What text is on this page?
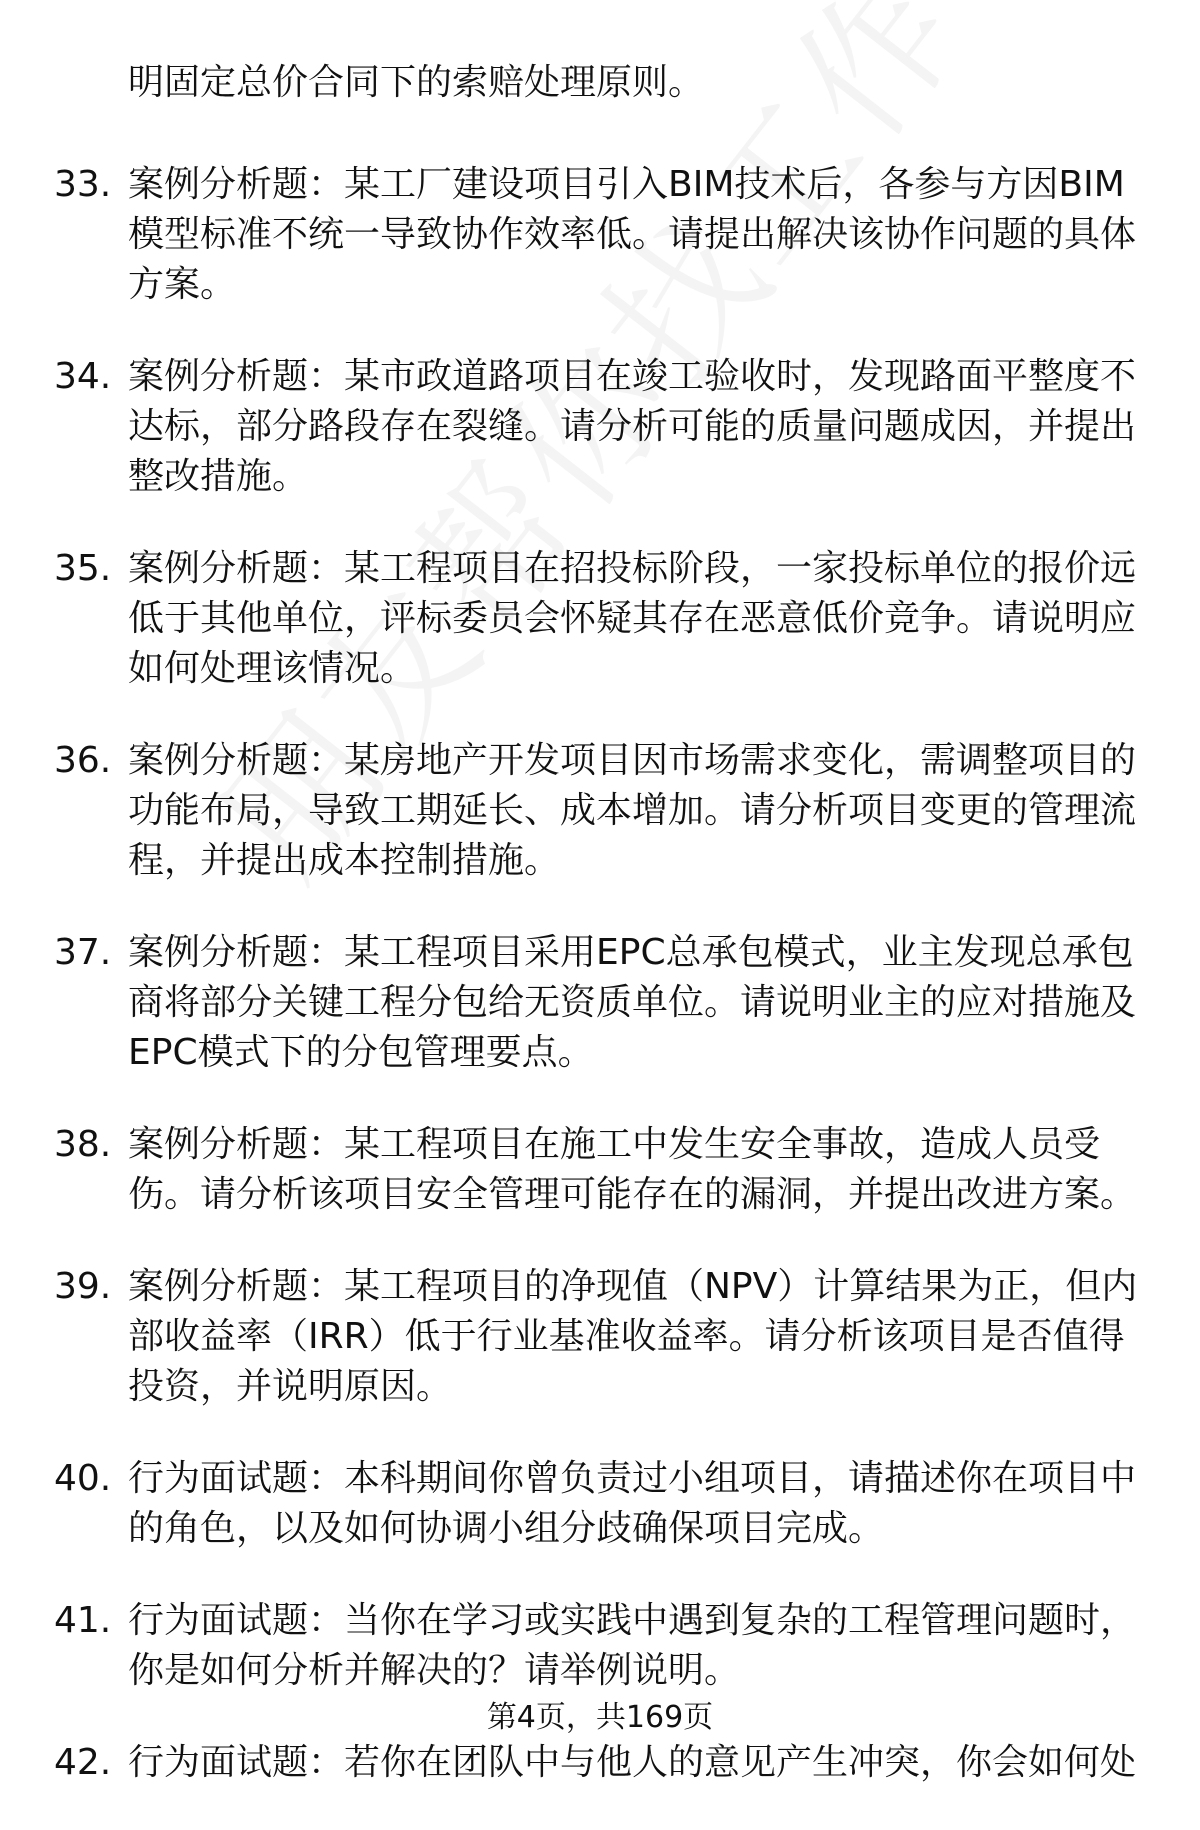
明固定总价合同下的索赔处理原则。
33. 案例分析题：某工厂建设项目引入BIM技术后，各参与方因BIM模型标准不统一导致协作效率低。请提出解决该协作问题的具体方案。
34. 案例分析题：某市政道路项目在竣工验收时，发现路面平整度不达标，部分路段存在裂缝。请分析可能的质量问题成因，并提出整改措施。
35. 案例分析题：某工程项目在招投标阶段，一家投标单位的报价远低于其他单位，评标委员会怀疑其存在恶意低价竞争。请说明应如何处理该情况。
36. 案例分析题：某房地产开发项目因市场需求变化，需调整项目的功能布局，导致工期延长、成本增加。请分析项目变更的管理流程，并提出成本控制措施。
37. 案例分析题：某工程项目采用EPC总承包模式，业主发现总承包商将部分关键工程分包给无资质单位。请说明业主的应对措施及EPC模式下的分包管理要点。
38. 案例分析题：某工程项目在施工中发生安全事故，造成人员受伤。请分析该项目安全管理可能存在的漏洞，并提出改进方案。
39. 案例分析题：某工程项目的净现值（NPV）计算结果为正，但内部收益率（IRR）低于行业基准收益率。请分析该项目是否值得投资，并说明原因。
40. 行为面试题：本科期间你曾负责过小组项目，请描述你在项目中的角色，以及如何协调小组分歧确保项目完成。
41. 行为面试题：当你在学习或实践中遇到复杂的工程管理问题时，你是如何分析并解决的？请举例说明。
42. 行为面试题：若你在团队中与他人的意见产生冲突，你会如何处
第4页，共169页
